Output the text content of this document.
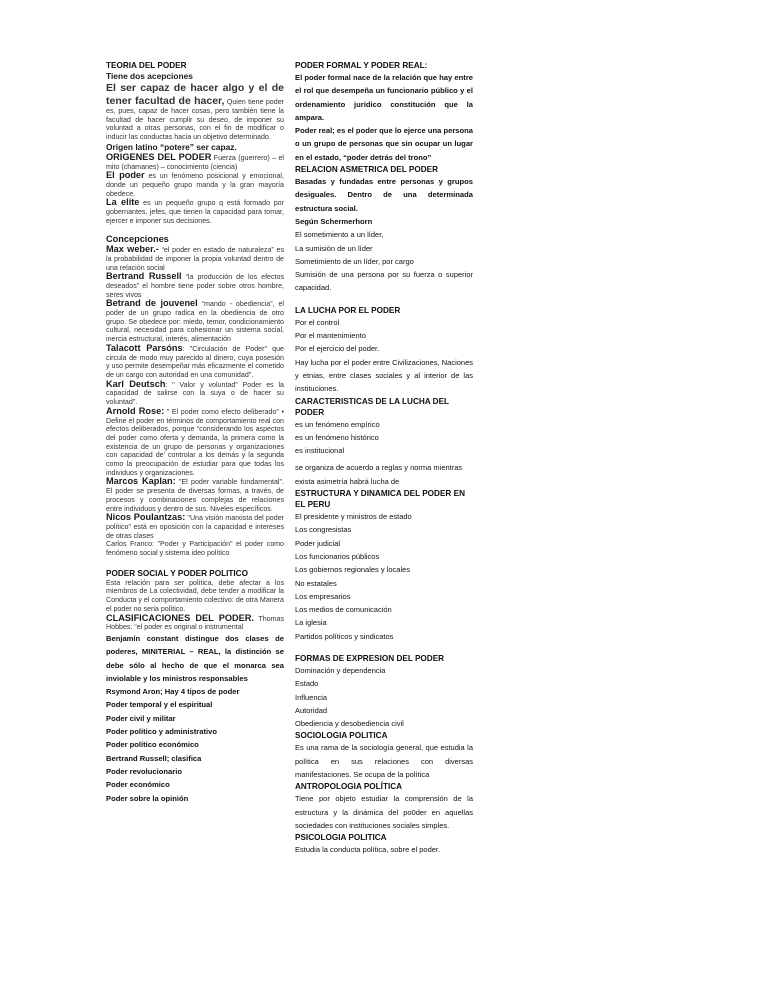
TEORIA DEL PODER

Tiene dos acepciones

El ser capaz de hacer algo y el de tener facultad de hacer, Quien tiene poder es, pues, capaz de hacer cosas, pero también tiene la facultad de hacer cumplir su deseo, de imponer su voluntad a otras personas, con el fin de modificar o inducir las conductas hacia un objetivo determinado.

Origen latino “potere” ser capaz.

ORIGENES DEL PODER Fuerza (guerrero) – el mito (chamanes) – conocimiento (ciencia)

El poder es un fenómeno posicional y emocional, donde un pequeño grupo manda y la gran mayoría obedece.

La elite es un pequeño grupo q está formado por gobernantes, jefes, que tienen la capacidad para tomar, ejercer e imponer sus decisiones.

Concepciones

Max weber.- “el poder en estado de naturaleza” es la probabilidad de imponer la propia voluntad dentro de una relación social

Bertrand Russell “la producción de los efectos deseados” el hombre tiene poder sobre otros hombre, seres vivos

Betrand de jouvenel “mando - obediencia”, el poder de un grupo radica en la obediencia de otro grupo. Se obedece por: miedo, temor, condicionamiento cultural, necesidad para cohesionar un sistema social, inercia estructural, interés, alimentación

Talacott Parsóns: "Circulación de Poder" que circula de modo muy parecido al dinero, cuya posesión y uso permite desempeñar más eficazmente el cometido de un cargo con autoridad en una comunidad".

Karl Deutsch: " Valor y voluntad" Poder es la capacidad de salirse con la suya o de hacer su voluntad".

Arnold Rose: " El poder como efecto deliberado" • Define el poder en términos de comportamiento real con efectos deliberados, porque “considerando los aspectos del poder como oferta y demanda, la primera como la existencia de un grupo de personas y organizaciones con capacidad de' controlar a los demás y la segunda como la preocupación de estudiar para que todas los individuos y organizaciones.

Marcos Kaplan: "El poder variable fundamental". El poder se presenta de diversas formas, a través, de procesos y combinaciones complejas de relaciones entre individuos y dentro de sus. Niveles específicos.

Nicos Poulantzas: "Una visión marxista del poder político" está en oposición con la capacidad e intereses de otras clases

Carlos Franco: "Poder y Participación" el poder como fenómeno social y sistema ideo político

PODER SOCIAL Y PODER POLITICO

Esta relación para ser política, debe afectar a los miembros de La colectividad, debe tender a modificar la Conducta y el comportamiento colectivo: de otra Manera el poder no seria político.

CLASIFICACIONES DEL PODER. Thomas Hobbes: “el poder es original o instrumental

Benjamín constant distingue dos clases de poderes, MINITERIAL – REAL, la distinción se debe sólo al hecho de que el monarca sea inviolable y los ministros responsables

Rsymond Aron; Hay 4 tipos de poder

Poder temporal y el espiritual

Poder civil y militar

Poder político y administrativo

Poder político económico

Bertrand Russell; clasifica

Poder revolucionario

Poder económico

Poder sobre la opinión

PODER FORMAL Y PODER REAL:

El poder formal nace de la relación que hay entre el rol que desempeña un funcionario público y el ordenamiento jurídico constitución que la ampara.

Poder real; es el poder que lo ejerce una persona o un grupo de personas que sin ocupar un lugar en el estado, “poder detrás del trono”

RELACION ASMETRICA DEL PODER

Basadas y fundadas entre personas y grupos desiguales. Dentro de una determinada estructura social.

Según Schermerhorn

El sometimiento a un líder,

La sumisión de un líder

Sometimiento de un líder, por cargo

Sumisión de una persona por su fuerza o superior capacidad.

LA LUCHA POR EL PODER

Por el control

Por el mantenimiento

Por el ejercicio del poder.

Hay lucha por el poder entre Civilizaciones, Naciones y etnias, entre clases sociales y al interior de las instituciones.

CARACTERISTICAS DE LA LUCHA DEL PODER

es un fenómeno empírico

es un fenómeno histórico

es institucional

se organiza de acuerdo a reglas y norma mientras exista asimetría habrá lucha de

ESTRUCTURA Y DINAMICA DEL PODER EN EL PERU

El presidente y ministros de estado

Los congresistas

Poder judicial

Los funcionarios públicos

Los gobiernos regionales y locales

No estatales

Los empresarios

Los medios de comunicación

La iglesia

Partidos políticos y sindicatos

FORMAS DE EXPRESION DEL PODER

Dominación y dependencia

Estado

Influencia

Autoridad

Obediencia y desobediencia civil

SOCIOLOGIA POLITICA

Es una rama de la sociología general, que estudia la política en sus relaciones con diversas manifestaciones. Se ocupa de la política

ANTROPOLOGIA POLÍTICA

Tiene por objeto estudiar la comprensión de la estructura y la dinámica del po0der en aquellas sociedades con instituciones sociales simples.

PSICOLOGIA POLITICA

Estudia la conducta política, sobre el poder.
